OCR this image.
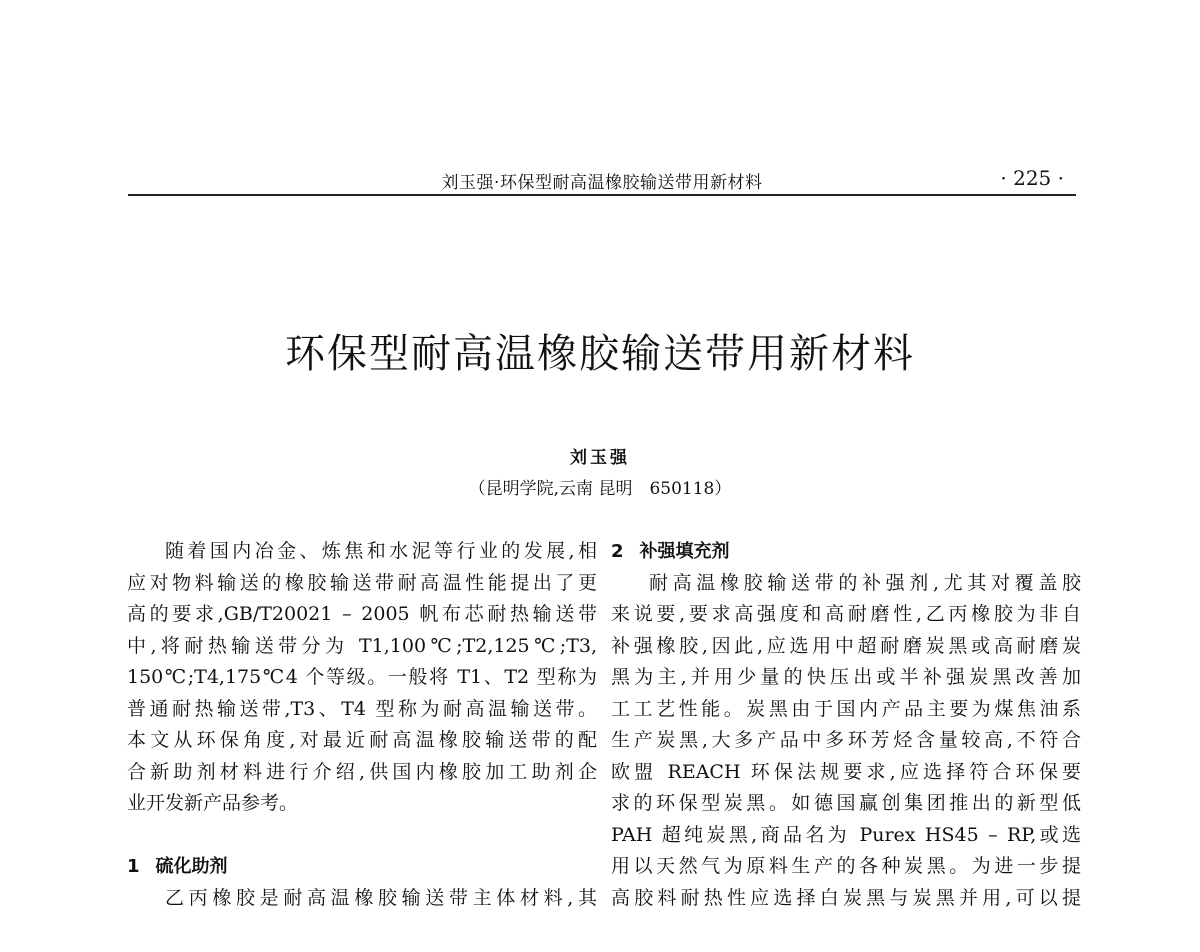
刘玉强·环保型耐高温橡胶输送带用新材料	· 225 ·
环保型耐高温橡胶输送带用新材料
刘玉强
（昆明学院,云南 昆明　650118）
随着国内冶金、炼焦和水泥等行业的发展,相
应对物料输送的橡胶输送带耐高温性能提出了更
高的要求,GB/T20021 – 2005 帆布芯耐热输送带
中,将耐热输送带分为 T1,100℃;T2,125℃;T3,
150℃;T4,175℃4 个等级。一般将 T1、T2 型称为
普通耐热输送带,T3、T4 型称为耐高温输送带。
本文从环保角度,对最近耐高温橡胶输送带的配
合新助剂材料进行介绍,供国内橡胶加工助剂企
业开发新产品参考。
1 硫化助剂
乙丙橡胶是耐高温橡胶输送带主体材料,其
2 补强填充剂
耐高温橡胶输送带的补强剂,尤其对覆盖胶
来说要,要求高强度和高耐磨性,乙丙橡胶为非自
补强橡胶,因此,应选用中超耐磨炭黑或高耐磨炭
黑为主,并用少量的快压出或半补强炭黑改善加
工工艺性能。炭黑由于国内产品主要为煤焦油系
生产炭黑,大多产品中多环芳烃含量较高,不符合
欧盟 REACH 环保法规要求,应选择符合环保要
求的环保型炭黑。如德国赢创集团推出的新型低
PAH 超纯炭黑,商品名为 Purex HS45 – RP,或选
用以天然气为原料生产的各种炭黑。为进一步提
高胶料耐热性应选择白炭黑与炭黑并用,可以提
